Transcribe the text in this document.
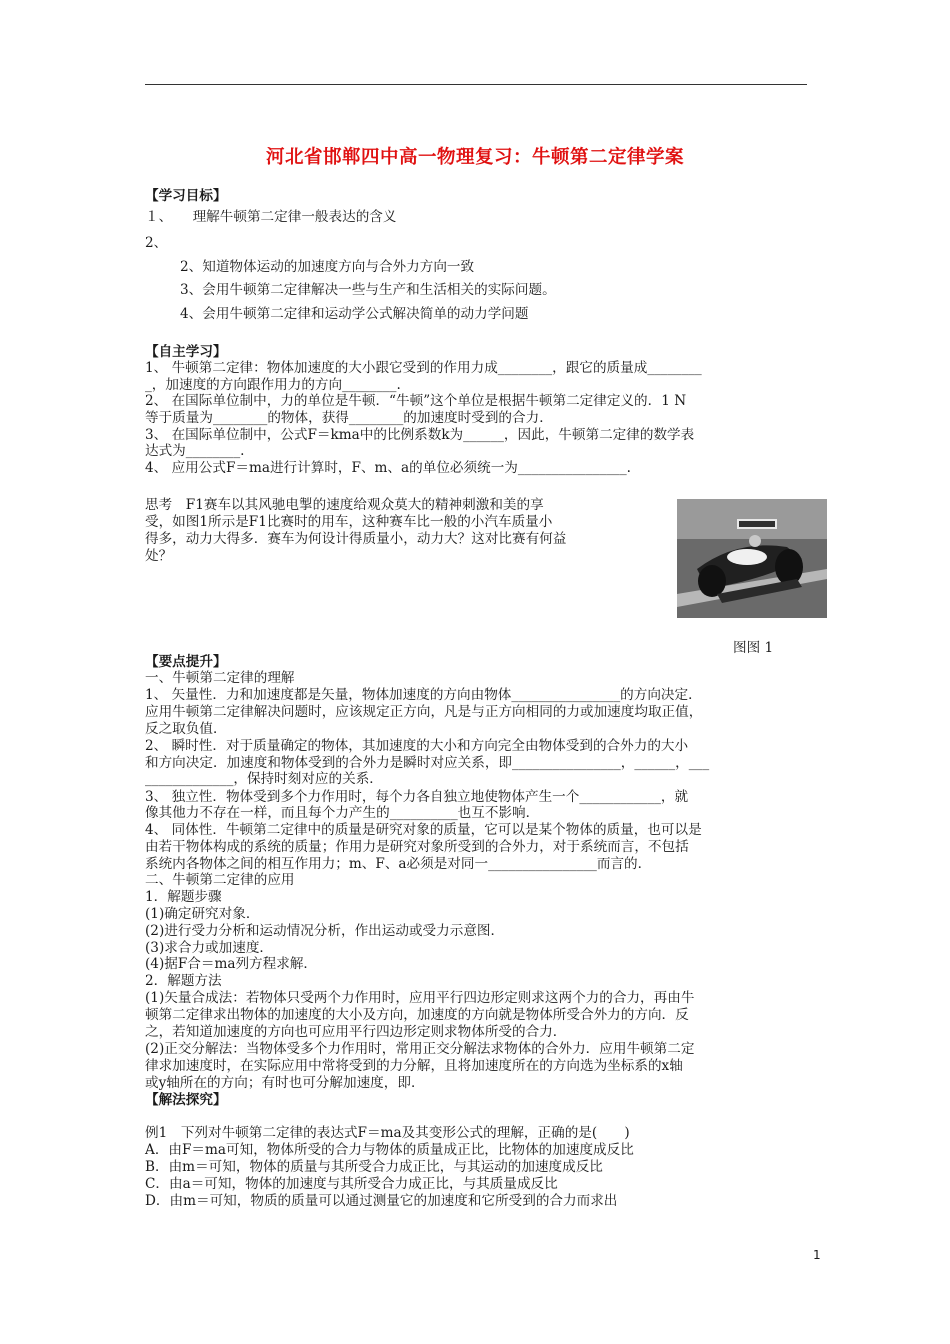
河北省邯郸四中高一物理复习：牛顿第二定律学案
【学习目标】
１、　　理解牛顿第二定律一般表达的含义
2、
2、知道物体运动的加速度方向与合外力方向一致
3、会用牛顿第二定律解决一些与生产和生活相关的实际问题。
4、会用牛顿第二定律和运动学公式解决简单的动力学问题
【自主学习】
1、 牛顿第二定律：物体加速度的大小跟它受到的作用力成________，跟它的质量成________
_，加速度的方向跟作用力的方向________.
2、 在国际单位制中，力的单位是牛顿．“牛顿”这个单位是根据牛顿第二定律定义的．1 N
等于质量为________的物体，获得________的加速度时受到的合力．
3、 在国际单位制中，公式F＝kma中的比例系数k为______，因此，牛顿第二定律的数学表
达式为________.
4、 应用公式F＝ma进行计算时，F、m、a的单位必须统一为________________.
思考　F1赛车以其风驰电掣的速度给观众莫大的精神刺激和美的享
受，如图1所示是F1比赛时的用车，这种赛车比一般的小汽车质量小
得多，动力大得多．赛车为何设计得质量小，动力大？这对比赛有何益
处？
图图 1
【要点提升】
一、牛顿第二定律的理解
1、 矢量性．力和加速度都是矢量，物体加速度的方向由物体________________的方向决定．
应用牛顿第二定律解决问题时，应该规定正方向，凡是与正方向相同的力或加速度均取正值，
反之取负值．
2、 瞬时性．对于质量确定的物体，其加速度的大小和方向完全由物体受到的合外力的大小
和方向决定．加速度和物体受到的合外力是瞬时对应关系，即________________，______，___
_____________，保持时刻对应的关系．
3、 独立性．物体受到多个力作用时，每个力各自独立地使物体产生一个____________，就
像其他力不存在一样，而且每个力产生的__________也互不影响．
4、 同体性．牛顿第二定律中的质量是研究对象的质量，它可以是某个物体的质量，也可以是
由若干物体构成的系统的质量；作用力是研究对象所受到的合外力，对于系统而言，不包括
系统内各物体之间的相互作用力；m、F、a必须是对同一________________而言的．
二、牛顿第二定律的应用
1．解题步骤
(1)确定研究对象．
(2)进行受力分析和运动情况分析，作出运动或受力示意图．
(3)求合力或加速度．
(4)据F合＝ma列方程求解．
2．解题方法
(1)矢量合成法：若物体只受两个力作用时，应用平行四边形定则求这两个力的合力，再由牛
顿第二定律求出物体的加速度的大小及方向，加速度的方向就是物体所受合外力的方向．反
之，若知道加速度的方向也可应用平行四边形定则求物体所受的合力．
(2)正交分解法：当物体受多个力作用时，常用正交分解法求物体的合外力．应用牛顿第二定
律求加速度时，在实际应用中常将受到的力分解，且将加速度所在的方向选为坐标系的x轴
或y轴所在的方向；有时也可分解加速度，即．
【解法探究】
例1　下列对牛顿第二定律的表达式F＝ma及其变形公式的理解，正确的是(　　)
A．由F＝ma可知，物体所受的合力与物体的质量成正比，比物体的加速度成反比
B．由m＝可知，物体的质量与其所受合力成正比，与其运动的加速度成反比
C．由a＝可知，物体的加速度与其所受合力成正比，与其质量成反比
D．由m＝可知，物质的质量可以通过测量它的加速度和它所受到的合力而求出
1
